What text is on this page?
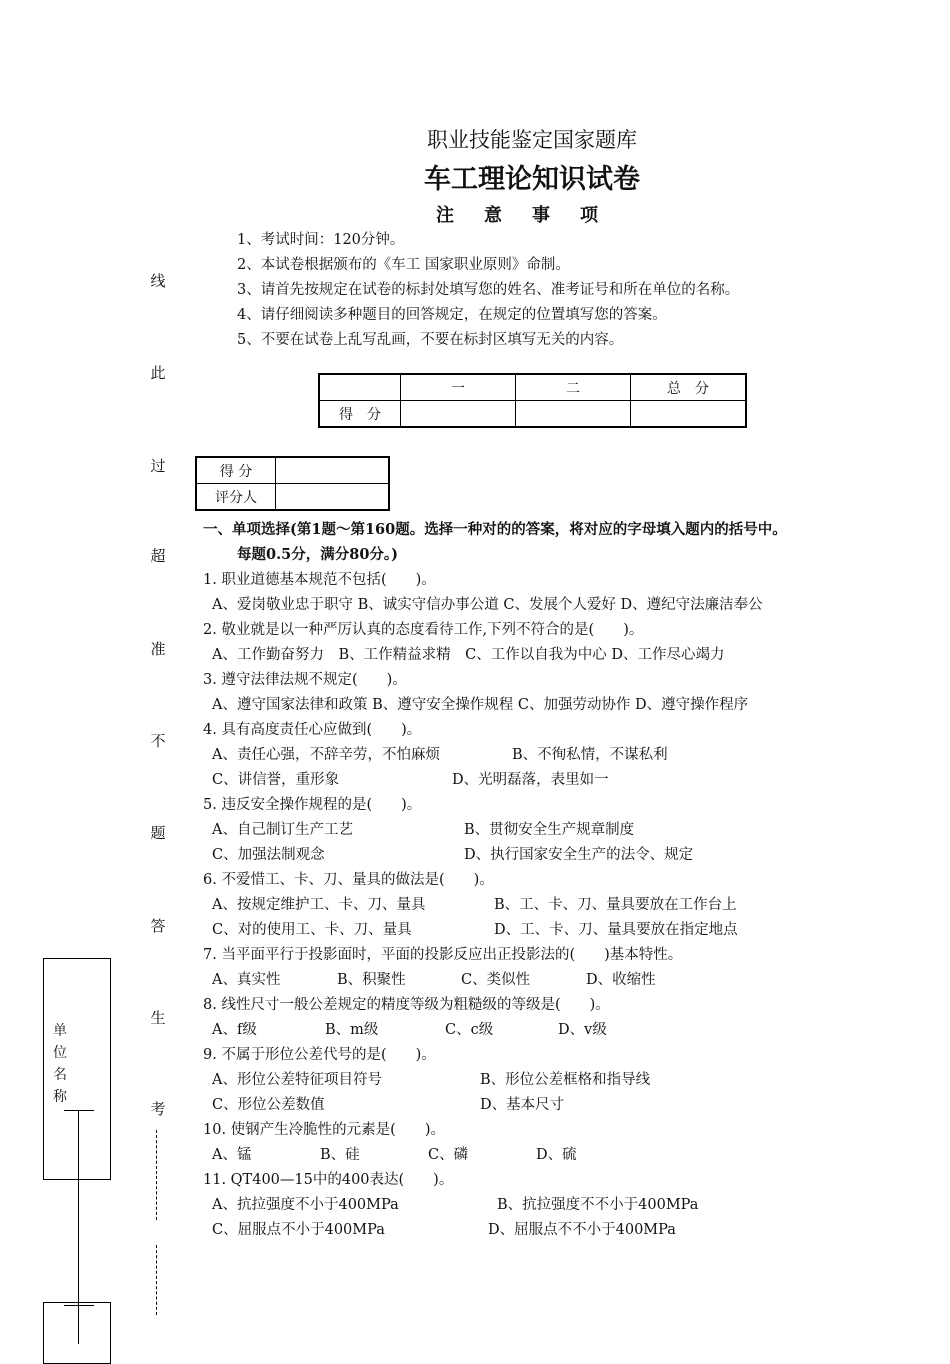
职业技能鉴定国家题库
车工理论知识试卷
注意事项
1、考试时间：120分钟。
2、本试卷根据颁布的《车工 国家职业原则》命制。
3、请首先按规定在试卷的标封处填写您的姓名、准考证号和所在单位的名称。
4、请仔细阅读多种题目的回答规定，在规定的位置填写您的答案。
5、不要在试卷上乱写乱画，不要在标封区填写无关的内容。
	一	二	总　分
得　分			
得 分	
评分人	
一、单项选择(第1题～第160题。选择一种对的的答案，将对应的字母填入题内的括号中。
每题0.5分，满分80分。)
1. 职业道德基本规范不包括(　　)。
A、爱岗敬业忠于职守 B、诚实守信办事公道 C、发展个人爱好 D、遵纪守法廉洁奉公
2. 敬业就是以一种严厉认真的态度看待工作,下列不符合的是(　　)。
A、工作勤奋努力　B、工作精益求精　C、工作以自我为中心 D、工作尽心竭力
3. 遵守法律法规不规定(　　)。
A、遵守国家法律和政策 B、遵守安全操作规程 C、加强劳动协作 D、遵守操作程序
4. 具有高度责任心应做到(　　)。
A、责任心强，不辞辛劳，不怕麻烦	B、不徇私情，不谋私利
C、讲信誉，重形象	D、光明磊落，表里如一
5. 违反安全操作规程的是(　　)。
A、自己制订生产工艺	B、贯彻安全生产规章制度
C、加强法制观念	D、执行国家安全生产的法令、规定
6. 不爱惜工、卡、刀、量具的做法是(　　)。
A、按规定维护工、卡、刀、量具	B、工、卡、刀、量具要放在工作台上
C、对的使用工、卡、刀、量具	D、工、卡、刀、量具要放在指定地点
7. 当平面平行于投影面时，平面的投影反应出正投影法的(　　)基本特性。
A、真实性	B、积聚性	C、类似性	D、收缩性
8. 线性尺寸一般公差规定的精度等级为粗糙级的等级是(　　)。
A、f级	B、m级	C、c级	D、v级
9. 不属于形位公差代号的是(　　)。
A、形位公差特征项目符号	B、形位公差框格和指导线
C、形位公差数值	D、基本尺寸
10. 使钢产生冷脆性的元素是(　　)。
A、锰	B、硅	C、磷	D、硫
11. QT400—15中的400表达(　　)。
A、抗拉强度不小于400MPa	B、抗拉强度不不小于400MPa
C、屈服点不小于400MPa	D、屈服点不不小于400MPa
线
此
过
超
准
不
题
答
生
考
单位名称
